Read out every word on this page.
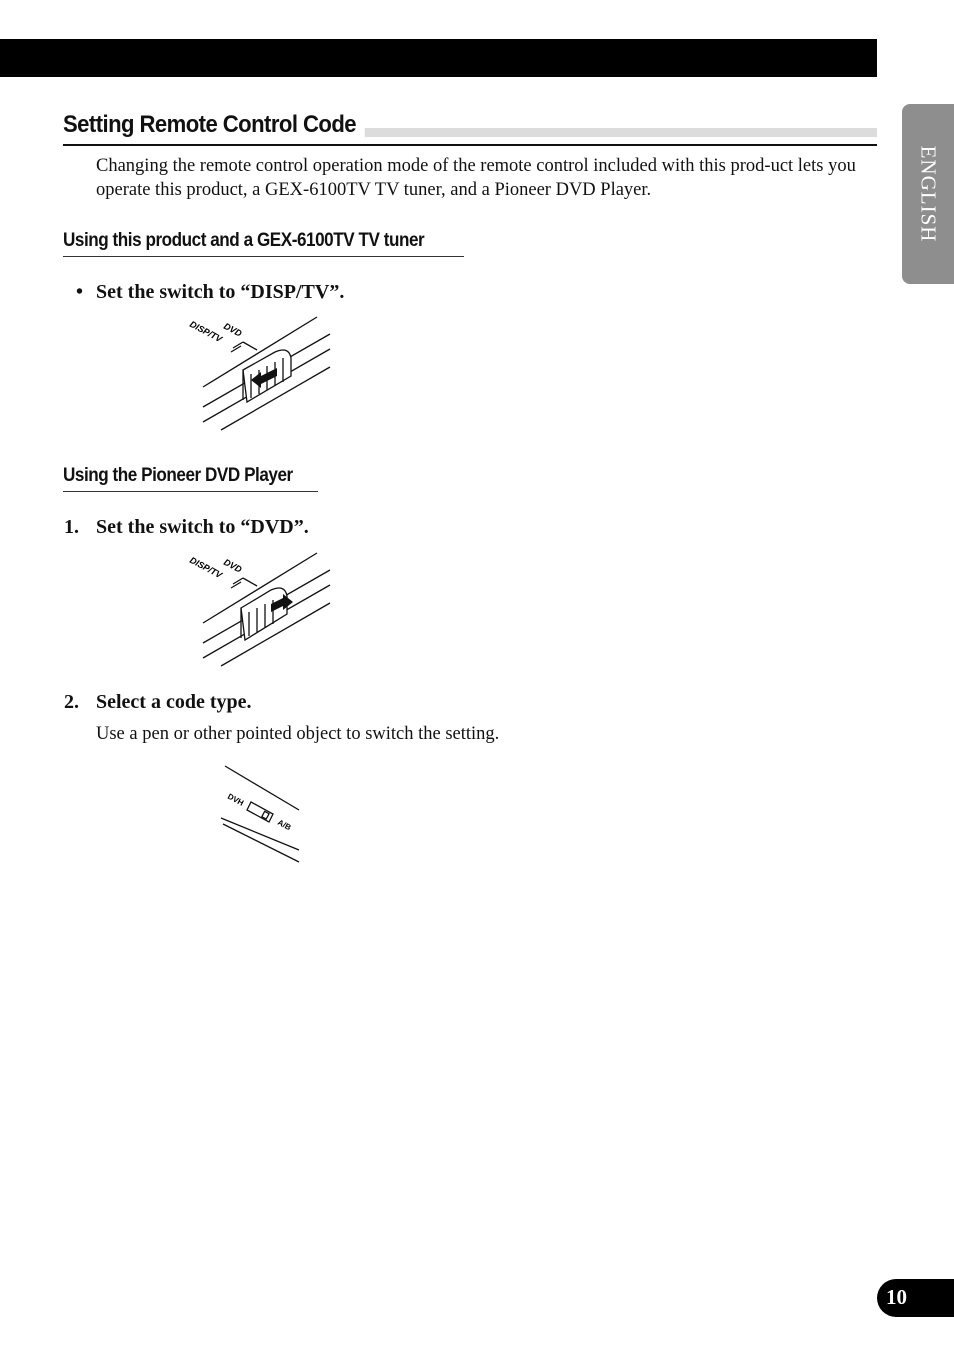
ENGLISH
Setting Remote Control Code

Changing the remote control operation mode of the remote control included with this prod-uct lets you operate this product, a GEX-6100TV TV tuner, and a Pioneer DVD Player.

Using this product and a GEX-6100TV TV tuner

• Set the switch to “DISP/TV”.

DVD
DISP/TV
Using the Pioneer DVD Player

1. Set the switch to “DVD”.

DVD
DISP/TV

2. Select a code type.

Use a pen or other pointed object to switch the setting.

DVH
A/B
10
